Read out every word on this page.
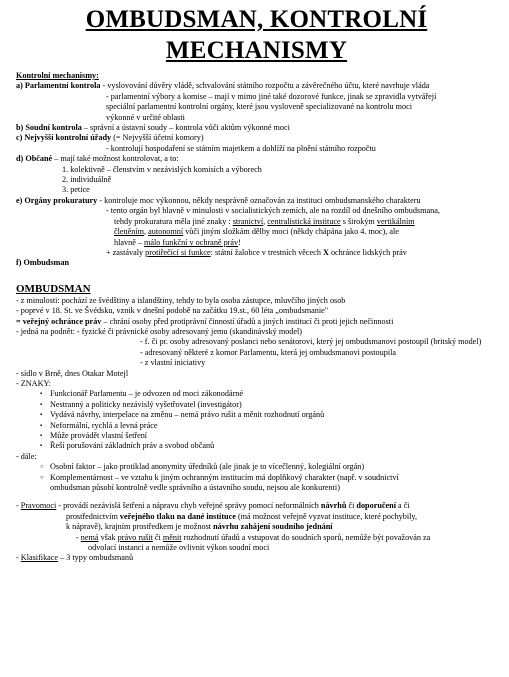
OMBUDSMAN, KONTROLNÍ
MECHANISMY
Kontrolní mechanismy:
a) Parlamentní kontrola - vyslovování důvěry vládě, schvalování státního rozpočtu a závěrečného účtu, které navrhuje vláda
- parlamentní výbory a komise – mají v mimo jiné také dozorové funkce, jinak se zpravidla vytvářejí
speciální parlamentní kontrolní orgány, které jsou vysloveně specializované na kontrolu moci
výkonné v určité oblasti
b) Soudní kontrola – správní a ústavní soudy – kontrola vůči aktům výkonné moci
c) Nejvyšší kontrolní úřady (= Nejvyšší účetní komory)
- kontrolují hospodaření se státním majetkem a dohlíží na plnění státního rozpočtu
d) Občané – mají také možnost kontrolovat, a to:
1. kolektivně – členstvím v nezávislých komisích a výborech
2. individuálně
3. petice
e) Orgány prokuratury - kontroluje moc výkonnou, někdy nesprávně označován za instituci ombudsmanského charakteru
- tento orgán byl hlavně v minulosti v socialistických zemích, ale na rozdíl od dnešního ombudsmana,
tehdy prokuratura měla jiné znaky : stranictví, centralistická instituce s širokým vertikálním
členěním, autonomní vůči jiným složkám dělby moci (někdy chápána jako 4. moc), ale
hlavně – málo funkční v ochraně práv!
+ zastávaly protiřečící si funkce: státní žalobce v trestních věcech X ochránce lidských práv
f) Ombudsman
OMBUDSMAN
- z minulosti: pochází ze švédštiny a islandštiny, tehdy to byla osoba zástupce, mluvčího jiných osob
- poprvé v 18. St. ve Švédsku, vznik v dnešní podobě na začátku 19.st., 60 léta „ombudsmanie"
= veřejný ochránce práv – chrání osoby před protiprávní činností úřadů a jiných institucí či proti jejich nečinnosti
- jedná na podnět: - fyzické či právnické osoby adresovaný jemu (skandinávský model)
- f. či pr. osoby adresovaný poslanci nebo senátorovi, který jej ombudsmanovi postoupil (britský model)
- adresovaný některé z komor Parlamentu, která jej ombudsmanovi postoupila
- z vlastní iniciativy
- sídlo v Brně, dnes Otakar Motejl
- ZNAKY:
▪ Funkcionář Parlamentu – je odvozen od moci zákonodárné
▪ Nestranný a politicky nezávislý vyšetřovatel (investigátor)
▪ Vydává návrhy, interpelace na změnu – nemá právo rušit a měnit rozhodnutí orgánů
▪ Neformální, rychlá a levná práce
▪ Může provádět vlastní šetření
▪ Řeší porušování základních práv a svobod občanů
- dále:
○ Osobní faktor – jako protiklad anonymity úředníků (ale jinak je to vícečlenný, kolegiální orgán)
○ Komplementárnost – ve vztahu k jiným ochranným institucím má doplňkový charakter (např. v soudnictví
ombudsman působí kontrolně vedle správního a ústavního soudu, nejsou ale konkurenti)
- Pravomoci - provádí nezávislá šetření a nápravu chyb veřejné správy pomocí neformálních návrhů či doporučení a či
prostřednictvím veřejného tlaku na dané instituce (má možnost veřejně vyzvat instituce, které pochybily,
k nápravě), krajním prostředkem je možnost návrhu zahájení soudního jednání
- nemá však právo rušit či měnit rozhodnutí úřadů a vstupovat do soudních sporů, nemůže být považován za
odvolací instanci a nemůže ovlivnit výkon soudní moci
- Klasifikace – 3 typy ombudsmanů
